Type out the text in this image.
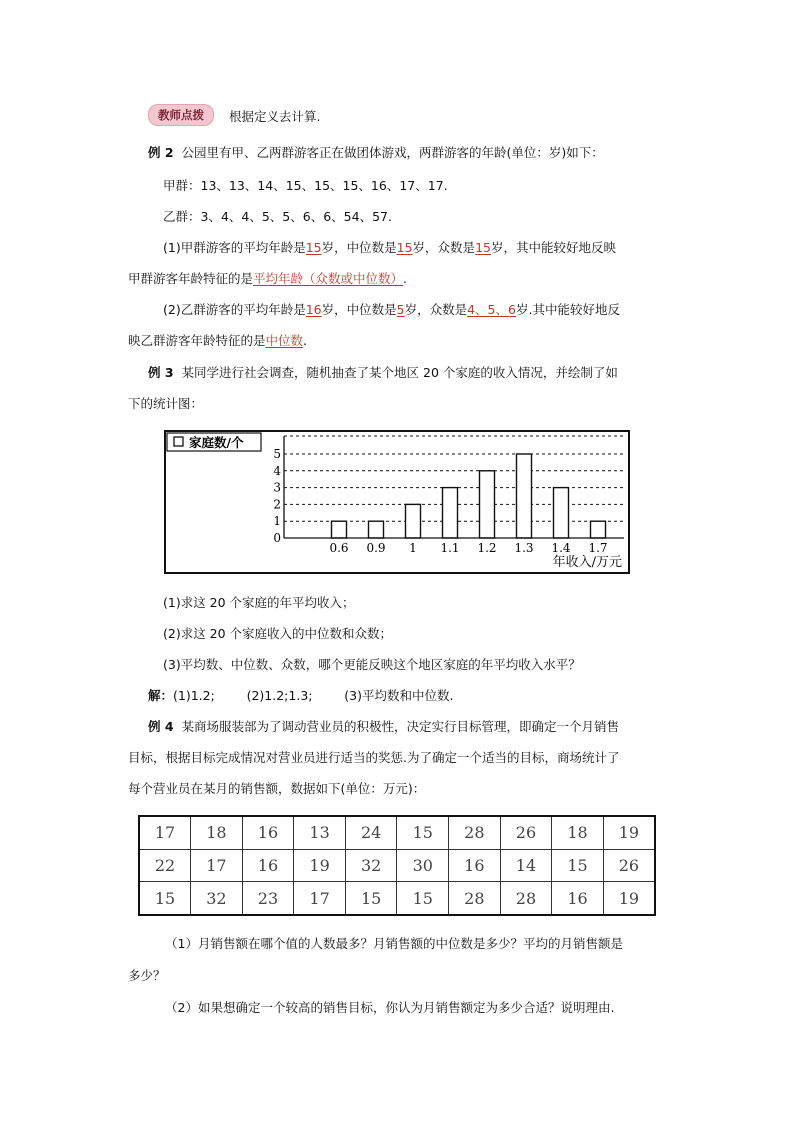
教师点拨	根据定义去计算.
例 2 公园里有甲、乙两群游客正在做团体游戏，两群游客的年龄(单位：岁)如下：
甲群：13、13、14、15、15、15、16、17、17.
乙群：3、4、4、5、5、6、6、54、57.
(1)甲群游客的平均年龄是15岁，中位数是15岁，众数是15岁，其中能较好地反映
甲群游客年龄特征的是平均年龄（众数或中位数）.
(2)乙群游客的平均年龄是16岁，中位数是5岁，众数是4、5、6岁.其中能较好地反
映乙群游客年龄特征的是中位数.
例 3 某同学进行社会调查，随机抽查了某个地区 20 个家庭的收入情况，并绘制了如
下的统计图：
家庭数/个
0
1
2
3
4
5
0.6 0.9 1 1.1 1.2 1.3 1.4 1.7
年收入/万元
(1)求这 20 个家庭的年平均收入；
(2)求这 20 个家庭收入的中位数和众数；
(3)平均数、中位数、众数，哪个更能反映这个地区家庭的年平均收入水平？
解：(1)1.2;        (2)1.2;1.3;        (3)平均数和中位数.
例 4 某商场服装部为了调动营业员的积极性，决定实行目标管理，即确定一个月销售
目标，根据目标完成情况对营业员进行适当的奖惩.为了确定一个适当的目标，商场统计了
每个营业员在某月的销售额，数据如下(单位：万元)：
17	18	16	13	24	15	28	26	18	19
22	17	16	19	32	30	16	14	15	26
15	32	23	17	15	15	28	28	16	19
（1）月销售额在哪个值的人数最多？月销售额的中位数是多少？平均的月销售额是
多少？
（2）如果想确定一个较高的销售目标，你认为月销售额定为多少合适？说明理由.
